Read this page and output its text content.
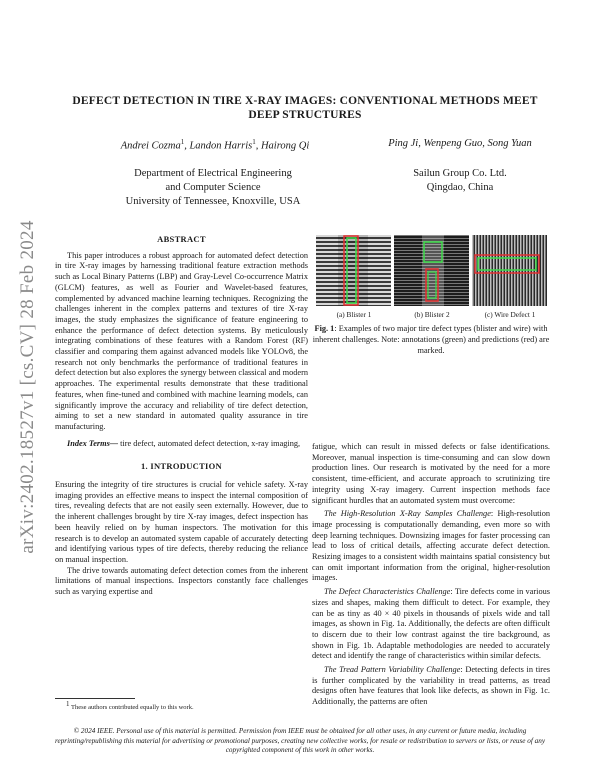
arXiv:2402.18527v1 [cs.CV] 28 Feb 2024
DEFECT DETECTION IN TIRE X-RAY IMAGES: CONVENTIONAL METHODS MEET DEEP STRUCTURES
Andrei Cozma$^1$, Landon Harris$^1$, Hairong Qi	Ping Ji, Wenpeng Guo, Song Yuan
Department of Electrical Engineering
and Computer Science
University of Tennessee, Knoxville, USA
Sailun Group Co. Ltd.
Qingdao, China
ABSTRACT

This paper introduces a robust approach for automated defect detection in tire X-ray images by harnessing traditional feature extraction methods such as Local Binary Patterns (LBP) and Gray-Level Co-occurrence Matrix (GLCM) features, as well as Fourier and Wavelet-based features, complemented by advanced machine learning techniques. Recognizing the challenges inherent in the complex patterns and textures of tire X-ray images, the study emphasizes the significance of feature engineering to enhance the performance of defect detection systems. By meticulously integrating combinations of these features with a Random Forest (RF) classifier and comparing them against advanced models like YOLOv8, the research not only benchmarks the performance of traditional features in defect detection but also explores the synergy between classical and modern approaches. The experimental results demonstrate that these traditional features, when fine-tuned and combined with machine learning models, can significantly improve the accuracy and reliability of tire defect detection, aiming to set a new standard in automated quality assurance in tire manufacturing.

Index Terms— tire defect, automated defect detection, x-ray imaging,

1. INTRODUCTION

Ensuring the integrity of tire structures is crucial for vehicle safety. X-ray imaging provides an effective means to inspect the internal composition of tires, revealing defects that are not easily seen externally. However, due to the inherent challenges brought by tire X-ray images, defect inspection has been heavily relied on by human inspectors. The motivation for this research is to develop an automated system capable of accurately detecting and identifying various types of tire defects, thereby reducing the reliance on manual inspection.

The drive towards automating defect detection comes from the inherent limitations of manual inspections. Inspectors constantly face challenges such as varying expertise and

$^1$ These authors contributed equally to this work.
(a) Blister 1	(b) Blister 2	(c) Wire Defect 1
Fig. 1: Examples of two major tire defect types (blister and wire) with inherent challenges. Note: annotations (green) and predictions (red) are marked.

fatigue, which can result in missed defects or false identifications. Moreover, manual inspection is time-consuming and can slow down production lines. Our research is motivated by the need for a more consistent, time-efficient, and accurate approach to scrutinizing tire integrity using X-ray imagery. Current inspection methods face significant hurdles that an automated system must overcome:

The High-Resolution X-Ray Samples Challenge: High-resolution image processing is computationally demanding, even more so with deep learning techniques. Downsizing images for faster processing can lead to loss of critical details, affecting accurate defect detection. Resizing images to a consistent width maintains spatial consistency but can omit important information from the original, higher-resolution images.

The Defect Characteristics Challenge: Tire defects come in various sizes and shapes, making them difficult to detect. For example, they can be as tiny as 40 × 40 pixels in thousands of pixels wide and tall images, as shown in Fig. 1a. Additionally, the defects are often difficult to discern due to their low contrast against the tire background, as shown in Fig. 1b. Adaptable methodologies are needed to accurately detect and identify the range of characteristics within similar defects.

The Tread Pattern Variability Challenge: Detecting defects in tires is further complicated by the variability in tread patterns, as tread designs often have features that look like defects, as shown in Fig. 1c. Additionally, the patterns are often

© 2024 IEEE. Personal use of this material is permitted. Permission from IEEE must be obtained for all other uses, in any current or future media, including reprinting/republishing this material for advertising or promotional purposes, creating new collective works, for resale or redistribution to servers or lists, or reuse of any copyrighted component of this work in other works.
